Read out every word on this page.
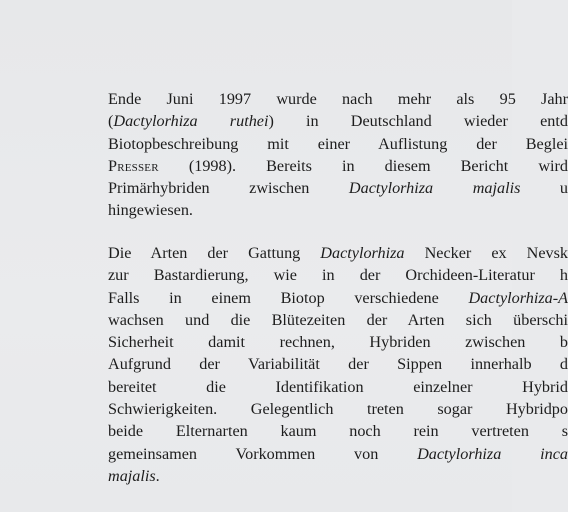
Ende Juni 1997 wurde nach mehr als 95 Jahr
(Dactylorhiza ruthei) in Deutschland wieder entd
Biotopbeschreibung mit einer Auflistung der Beglei
Presser (1998). Bereits in diesem Bericht wird
Primärhybriden zwischen Dactylorhiza majalis u
hingewiesen.
Die Arten der Gattung Dactylorhiza Necker ex Nevsk
zur Bastardierung, wie in der Orchideen-Literatur h
Falls in einem Biotop verschiedene Dactylorhiza-A
wachsen und die Blütezeiten der Arten sich überschi
Sicherheit damit rechnen, Hybriden zwischen b
Aufgrund der Variabilität der Sippen innerhalb d
bereitet die Identifikation einzelner Hybrid
Schwierigkeiten. Gelegentlich treten sogar Hybridpo
beide Elternarten kaum noch rein vertreten s
gemeinsamen Vorkommen von Dactylorhiza inca
majalis.
